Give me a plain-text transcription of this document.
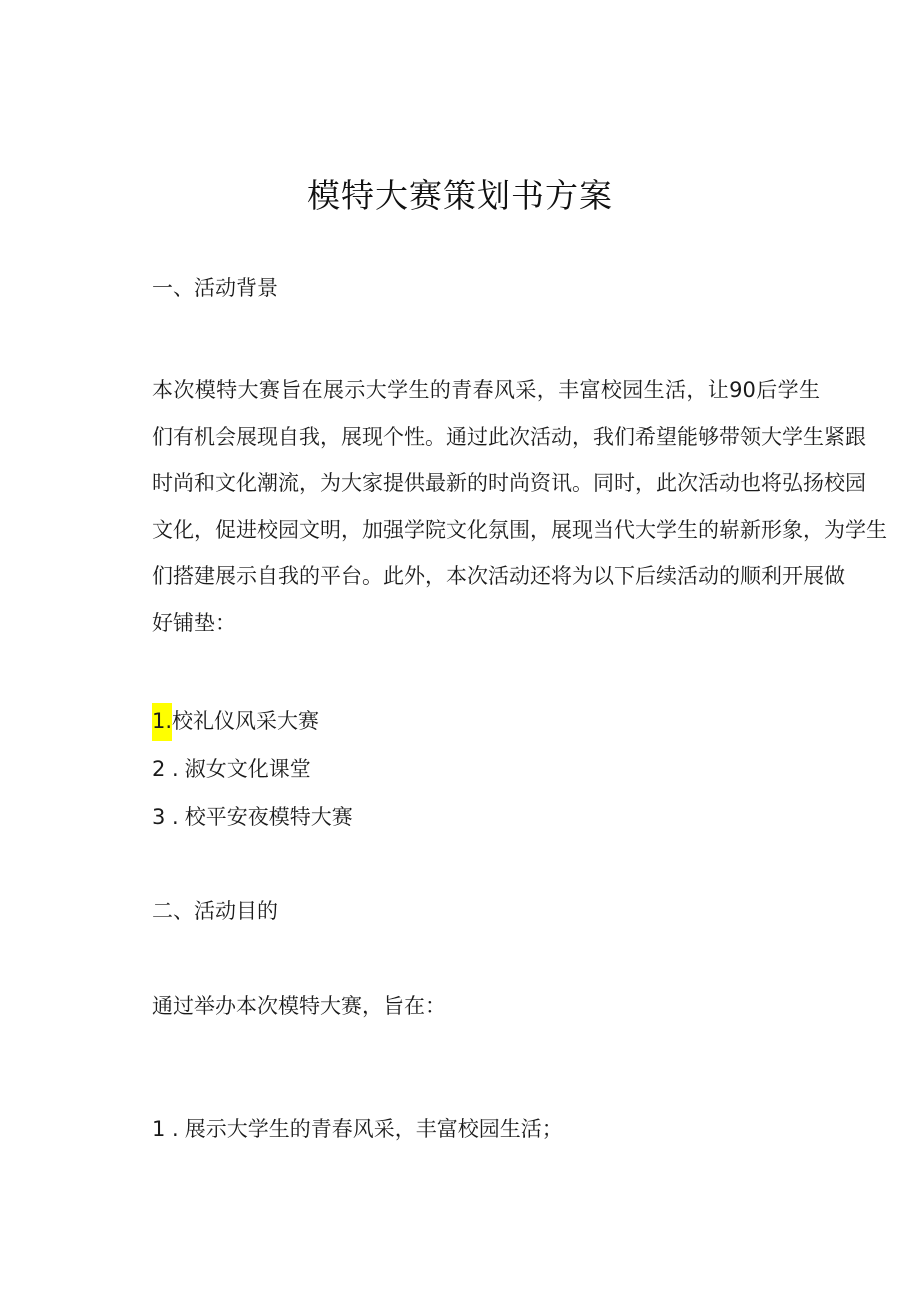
模特大赛策划书方案
一、活动背景
本次模特大赛旨在展示大学生的青春风采，丰富校园生活，让90后学生
们有机会展现自我，展现个性。通过此次活动，我们希望能够带领大学生紧跟
时尚和文化潮流，为大家提供最新的时尚资讯。同时，此次活动也将弘扬校园
文化，促进校园文明，加强学院文化氛围，展现当代大学生的崭新形象，为学生
们搭建展示自我的平台。此外，本次活动还将为以下后续活动的顺利开展做
好铺垫：
1.校礼仪风采大赛
2 . 淑女文化课堂
3 . 校平安夜模特大赛
二、活动目的
通过举办本次模特大赛，旨在：
1 . 展示大学生的青春风采，丰富校园生活；
